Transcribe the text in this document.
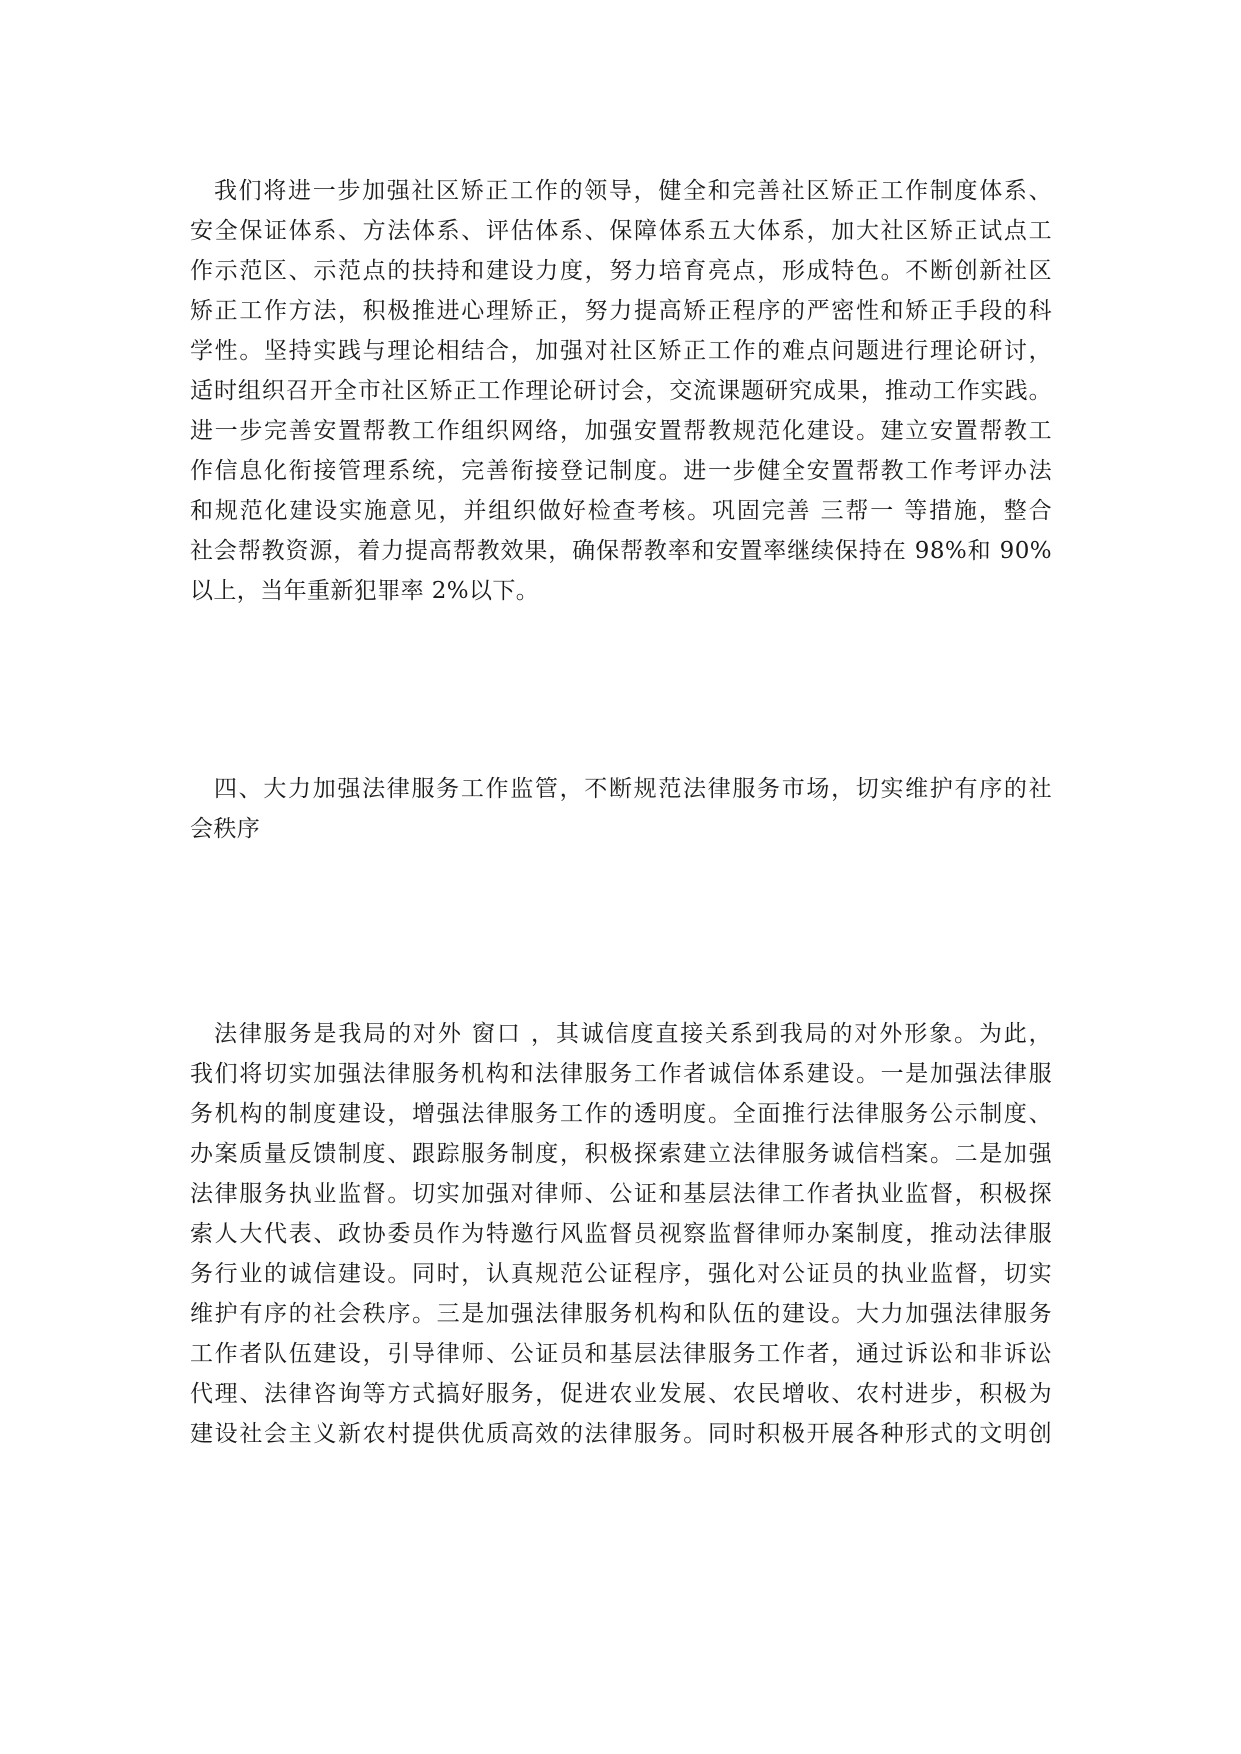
我们将进一步加强社区矫正工作的领导，健全和完善社区矫正工作制度体系、
安全保证体系、方法体系、评估体系、保障体系五大体系，加大社区矫正试点工
作示范区、示范点的扶持和建设力度，努力培育亮点，形成特色。不断创新社区
矫正工作方法，积极推进心理矫正，努力提高矫正程序的严密性和矫正手段的科
学性。坚持实践与理论相结合，加强对社区矫正工作的难点问题进行理论研讨，
适时组织召开全市社区矫正工作理论研讨会，交流课题研究成果，推动工作实践。
进一步完善安置帮教工作组织网络，加强安置帮教规范化建设。建立安置帮教工
作信息化衔接管理系统，完善衔接登记制度。进一步健全安置帮教工作考评办法
和规范化建设实施意见，并组织做好检查考核。巩固完善 三帮一 等措施，整合
社会帮教资源，着力提高帮教效果，确保帮教率和安置率继续保持在 98%和 90%
以上，当年重新犯罪率 2%以下。
四、大力加强法律服务工作监管，不断规范法律服务市场，切实维护有序的社
会秩序
法律服务是我局的对外 窗口 ，其诚信度直接关系到我局的对外形象。为此，
我们将切实加强法律服务机构和法律服务工作者诚信体系建设。一是加强法律服
务机构的制度建设，增强法律服务工作的透明度。全面推行法律服务公示制度、
办案质量反馈制度、跟踪服务制度，积极探索建立法律服务诚信档案。二是加强
法律服务执业监督。切实加强对律师、公证和基层法律工作者执业监督，积极探
索人大代表、政协委员作为特邀行风监督员视察监督律师办案制度，推动法律服
务行业的诚信建设。同时，认真规范公证程序，强化对公证员的执业监督，切实
维护有序的社会秩序。三是加强法律服务机构和队伍的建设。大力加强法律服务
工作者队伍建设，引导律师、公证员和基层法律服务工作者，通过诉讼和非诉讼
代理、法律咨询等方式搞好服务，促进农业发展、农民增收、农村进步，积极为
建设社会主义新农村提供优质高效的法律服务。同时积极开展各种形式的文明创
